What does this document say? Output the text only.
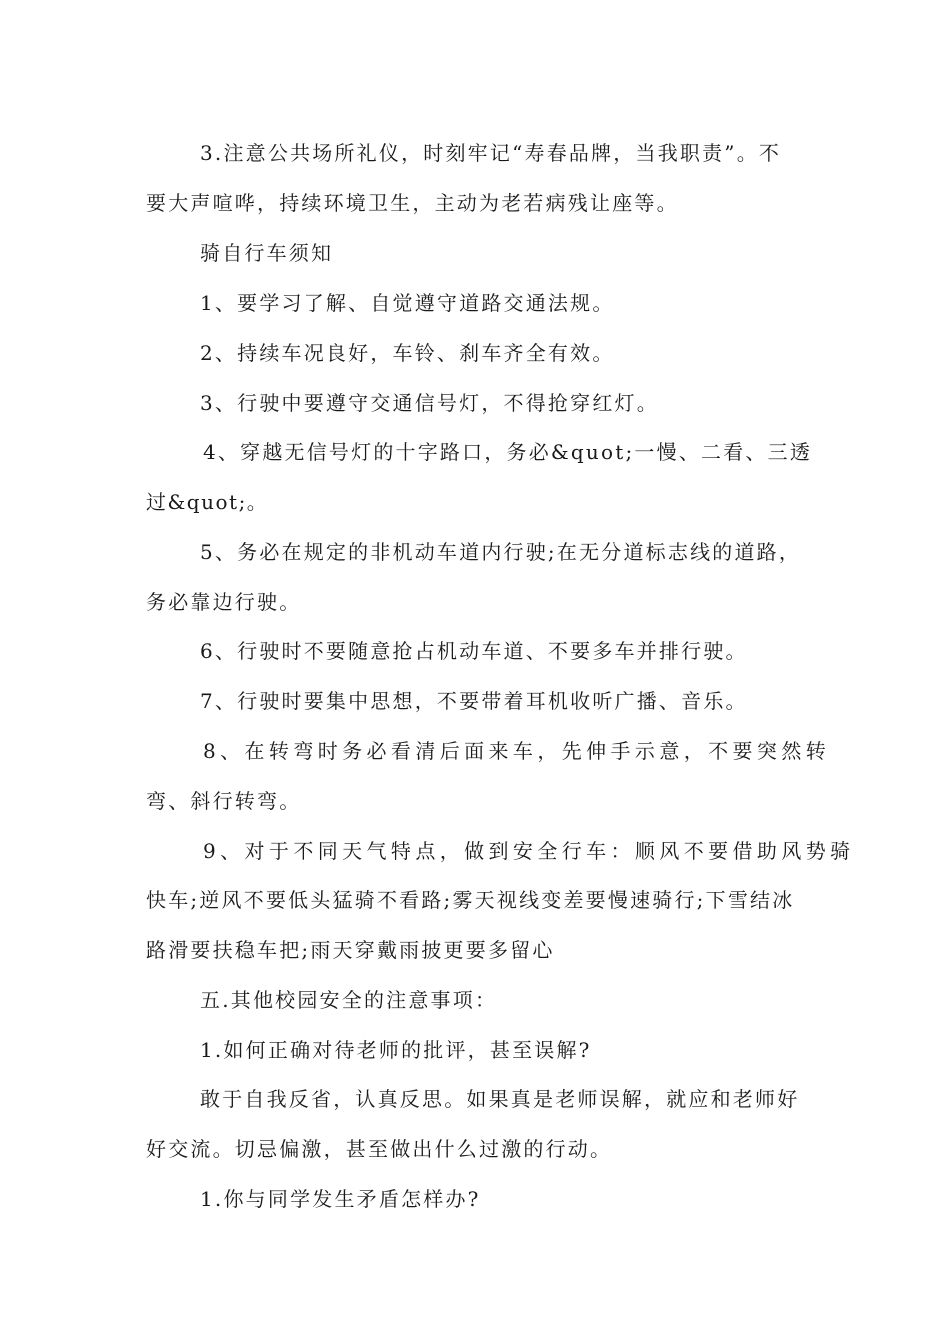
3.注意公共场所礼仪，时刻牢记“寿春品牌，当我职责”。不
要大声喧哗，持续环境卫生，主动为老若病残让座等。
骑自行车须知
1、要学习了解、自觉遵守道路交通法规。
2、持续车况良好，车铃、刹车齐全有效。
3、行驶中要遵守交通信号灯，不得抢穿红灯。
4、穿越无信号灯的十字路口，务必&quot;一慢、二看、三透
过&quot;。
5、务必在规定的非机动车道内行驶;在无分道标志线的道路，
务必靠边行驶。
6、行驶时不要随意抢占机动车道、不要多车并排行驶。
7、行驶时要集中思想，不要带着耳机收听广播、音乐。
8、在转弯时务必看清后面来车，先伸手示意，不要突然转
弯、斜行转弯。
9、对于不同天气特点，做到安全行车：顺风不要借助风势骑
快车;逆风不要低头猛骑不看路;雾天视线变差要慢速骑行;下雪结冰
路滑要扶稳车把;雨天穿戴雨披更要多留心
五.其他校园安全的注意事项：
1.如何正确对待老师的批评，甚至误解?
敢于自我反省，认真反思。如果真是老师误解，就应和老师好
好交流。切忌偏激，甚至做出什么过激的行动。
1.你与同学发生矛盾怎样办?
